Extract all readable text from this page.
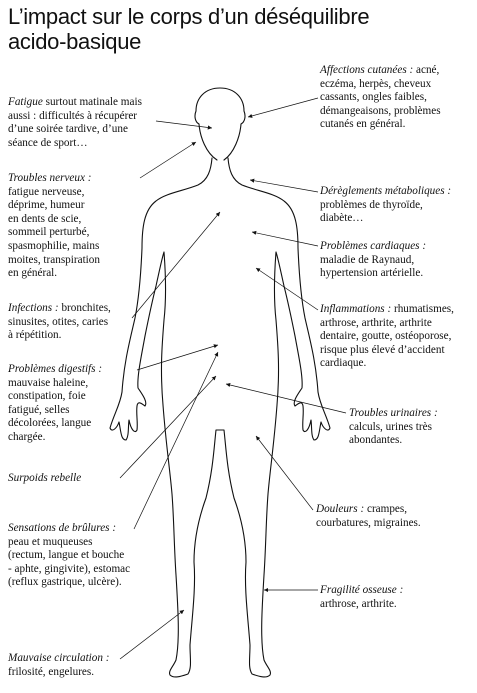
L’impact sur le corps d’un déséquilibre
acido-basique
Affections cutanées : acné,
eczéma, herpès, cheveux
cassants, ongles faibles,
démangeaisons, problèmes
cutanés en général.
Dérèglements métaboliques :
problèmes de thyroïde,
diabète…
Problèmes cardiaques :
maladie de Raynaud,
hypertension artérielle.
Inflammations : rhumatismes,
arthrose, arthrite, arthrite
dentaire, goutte, ostéoporose,
risque plus élevé d’accident
cardiaque.
Troubles urinaires :
calculs, urines très
abondantes.
Douleurs : crampes,
courbatures, migraines.
Fragilité osseuse :
arthrose, arthrite.
Fatigue surtout matinale mais
aussi : difficultés à récupérer
d’une soirée tardive, d’une
séance de sport…
Troubles nerveux :
fatigue nerveuse,
déprime, humeur
en dents de scie,
sommeil perturbé,
spasmophilie, mains
moites, transpiration
en général.
Infections : bronchites,
sinusites, otites, caries
à répétition.
Problèmes digestifs :
mauvaise haleine,
constipation, foie
fatigué, selles
décolorées, langue
chargée.
Surpoids rebelle
Sensations de brûlures :
peau et muqueuses
(rectum, langue et bouche
- aphte, gingivite), estomac
(reflux gastrique, ulcère).
Mauvaise circulation :
frilosité, engelures.
